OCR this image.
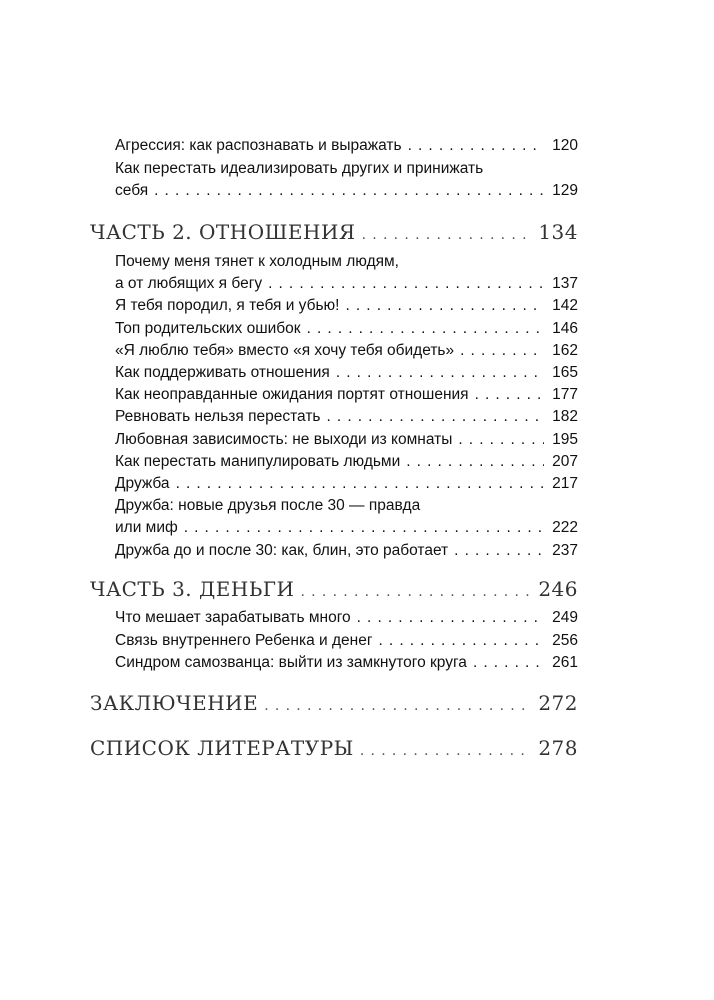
Агрессия: как распознавать и выражать . . .	120
Как перестать идеализировать других и принижать
себя . . .	129
ЧАСТЬ 2. ОТНОШЕНИЯ . . .	134
Почему меня тянет к холодным людям,
а от любящих я бегу . . .	137
Я тебя породил, я тебя и убью! . . .	142
Топ родительских ошибок . . .	146
«Я люблю тебя» вместо «я хочу тебя обидеть» . . .	162
Как поддерживать отношения . . .	165
Как неоправданные ожидания портят отношения . . .	177
Ревновать нельзя перестать . . .	182
Любовная зависимость: не выходи из комнаты . . .	195
Как перестать манипулировать людьми . . .	207
Дружба . . .	217
Дружба: новые друзья после 30 — правда
или миф . . .	222
Дружба до и после 30: как, блин, это работает . . .	237
ЧАСТЬ 3. ДЕНЬГИ . . .	246
Что мешает зарабатывать много . . .	249
Связь внутреннего Ребенка и денег . . .	256
Синдром самозванца: выйти из замкнутого круга . . .	261
ЗАКЛЮЧЕНИЕ . . .	272
СПИСОК ЛИТЕРАТУРЫ . . .	278
